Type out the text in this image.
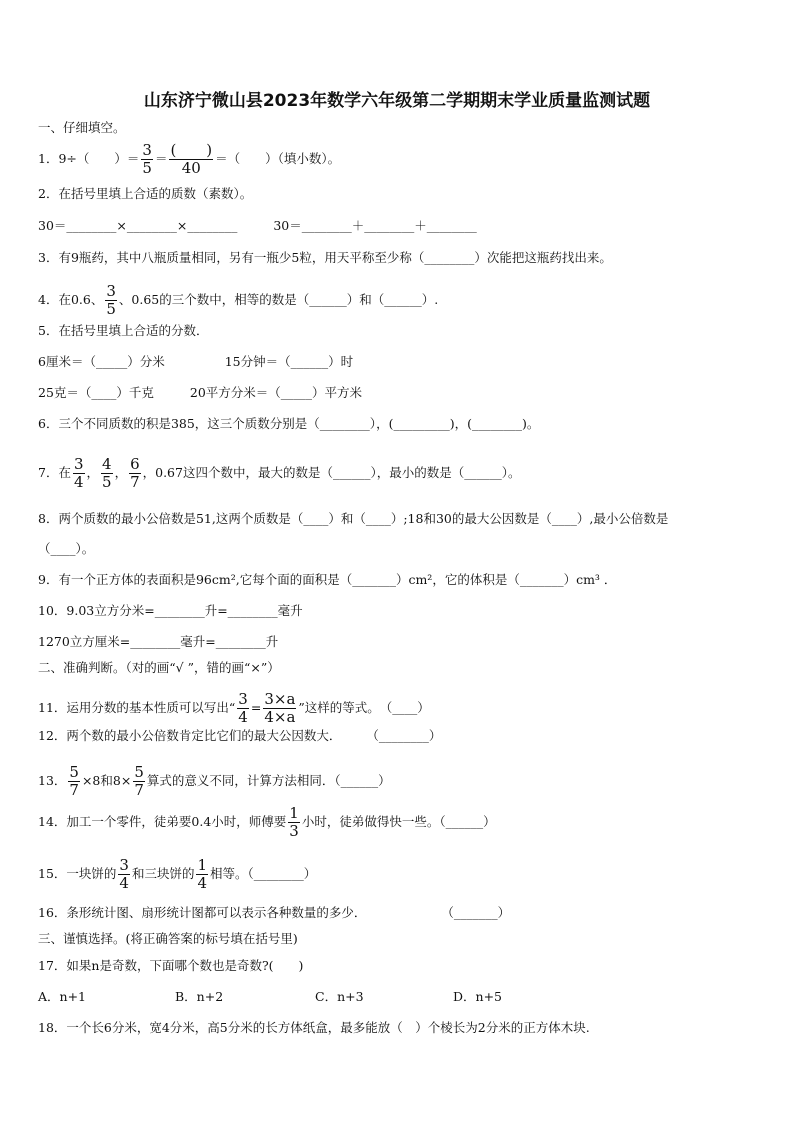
山东济宁微山县2023年数学六年级第二学期期末学业质量监测试题
一、仔细填空。
1．9÷（　　）＝ $\frac{3}{5} = \frac{( )}{40}$ ＝（　　）（填小数）。
2．在括号里填上合适的质数（素数）。
30＝________×________×________	30＝________＋________＋________
3．有9瓶药，其中八瓶质量相同，另有一瓶少5粒，用天平称至少称（________）次能把这瓶药找出来。
4．在0.6、 $\frac{3}{5}$ 、0.65的三个数中，相等的数是（______）和（______）.
5．在括号里填上合适的分数．
6厘米＝（_____）分米	15分钟＝（______）时
25克＝（____）千克	20平方分米＝（_____）平方米
6．三个不同质数的积是385，这三个质数分别是（________），(_________)，(________)。
7．在 $\frac{3}{4}$ ， $\frac{4}{5}$ ， $\frac{6}{7}$ ，0.67这四个数中，最大的数是（______），最小的数是（______）。
8．两个质数的最小公倍数是51,这两个质数是（____）和（____）;18和30的最大公因数是（____）,最小公倍数是
（____）。
9．有一个正方体的表面积是96cm²,它每个面的面积是（_______）cm²，它的体积是（_______）cm³ ．
10．9.03立方分米=________升=________毫升
1270立方厘米=________毫升=________升
二、准确判断。（对的画“√ ”，错的画“×”）
11．运用分数的基本性质可以写出“ $\frac{3}{4} = \frac{3\times a}{4\times a}$ ”这样的等式。　（____）
12．两个数的最小公倍数肯定比它们的最大公因数大．　　　（________）
13． $\frac{5}{7} \times 8$和$8\times \frac{5}{7}$ 算式的意义不同，计算方法相同．（______）
14．加工一个零件，徒弟要0.4小时，师傅要 $\frac{1}{3}$ 小时，徒弟做得快一些。（______）
15．一块饼的 $\frac{3}{4}$ 和三块饼的 $\frac{1}{4}$ 相等。（________）
16．条形统计图、扇形统计图都可以表示各种数量的多少．　　　　　　　（_______）
三、谨慎选择。(将正确答案的标号填在括号里)
17．如果n是奇数，下面哪个数也是奇数?(　　)
A．n+1	B．n+2	C．n+3	D．n+5
18．一个长6分米，宽4分米，高5分米的长方体纸盒，最多能放（　）个棱长为2分米的正方体木块.
